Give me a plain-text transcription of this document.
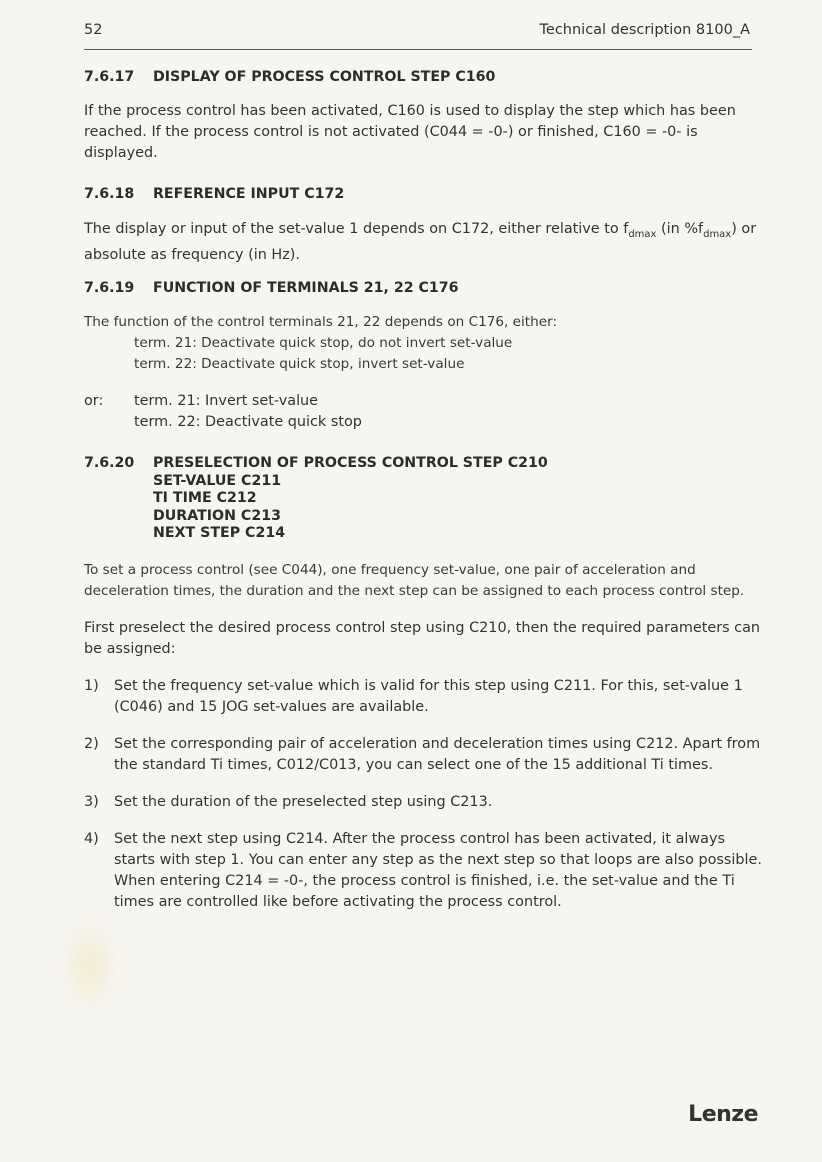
52	Technical description 8100_A
7.6.17	DISPLAY OF PROCESS CONTROL STEP C160
If the process control has been activated, C160 is used to display the step which has been reached. If the process control is not activated (C044 = -0-) or finished, C160 = -0- is displayed.
7.6.18	REFERENCE INPUT C172
The display or input of the set-value 1 depends on C172, either relative to $f_{dmax}$ (in $\%f_{dmax}$) or absolute as frequency (in Hz).
7.6.19	FUNCTION OF TERMINALS 21, 22 C176
The function of the control terminals 21, 22 depends on C176, either:
term. 21: Deactivate quick stop, do not invert set-value
term. 22: Deactivate quick stop, invert set-value
or:	term. 21: Invert set-value
term. 22: Deactivate quick stop
7.6.20	PRESELECTION OF PROCESS CONTROL STEP C210
SET-VALUE C211
TI TIME C212
DURATION C213
NEXT STEP C214
To set a process control (see C044), one frequency set-value, one pair of acceleration and deceleration times, the duration and the next step can be assigned to each process control step.
First preselect the desired process control step using C210, then the required parameters can be assigned:
1)	Set the frequency set-value which is valid for this step using C211. For this, set-value 1 (C046) and 15 JOG set-values are available.
2)	Set the corresponding pair of acceleration and deceleration times using C212. Apart from the standard Ti times, C012/C013, you can select one of the 15 additional Ti times.
3)	Set the duration of the preselected step using C213.
4)	Set the next step using C214. After the process control has been activated, it always starts with step 1. You can enter any step as the next step so that loops are also possible. When entering C214 = -0-, the process control is finished, i.e. the set-value and the Ti times are controlled like before activating the process control.
Lenze
